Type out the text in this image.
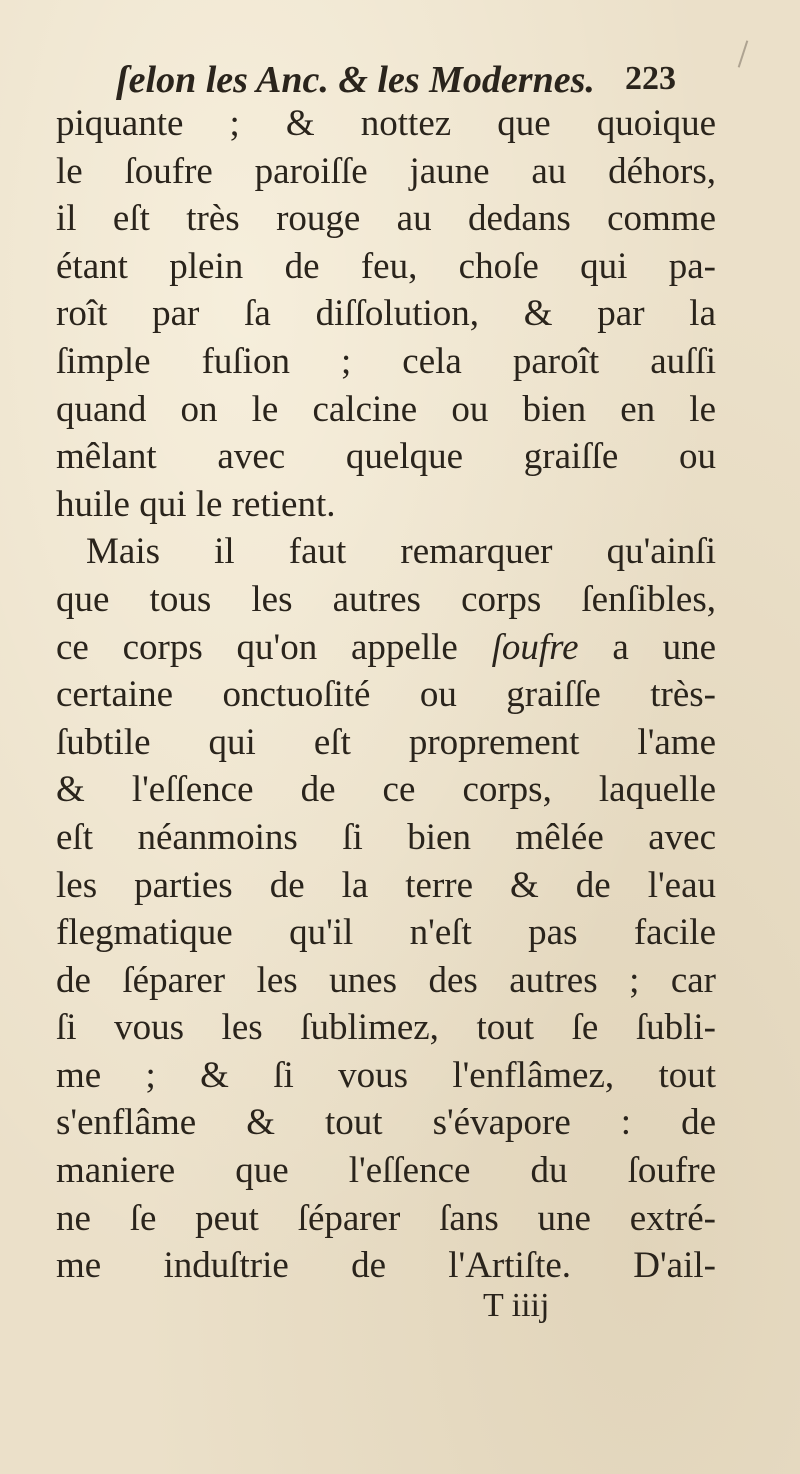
ſelon les Anc. & les Modernes. 223
piquante ; & nottez que quoique
le ſoufre paroiſſe jaune au déhors,
il eſt très rouge au dedans comme
étant plein de feu, choſe qui pa-
roît par ſa diſſolution, & par la
ſimple fuſion ; cela paroît auſſi
quand on le calcine ou bien en le
mêlant avec quelque graiſſe ou
huile qui le retient.
Mais il faut remarquer qu'ainſi
que tous les autres corps ſenſibles,
ce corps qu'on appelle ſoufre a une
certaine onctuoſité ou graiſſe très-
ſubtile qui eſt proprement l'ame
& l'eſſence de ce corps, laquelle
eſt néanmoins ſi bien mêlée avec
les parties de la terre & de l'eau
flegmatique qu'il n'eſt pas facile
de ſéparer les unes des autres ; car
ſi vous les ſublimez, tout ſe ſubli-
me ; & ſi vous l'enflâmez, tout
s'enflâme & tout s'évapore : de
maniere que l'eſſence du ſoufre
ne ſe peut ſéparer ſans une extré-
me induſtrie de l'Artiſte. D'ail-
T iiij
